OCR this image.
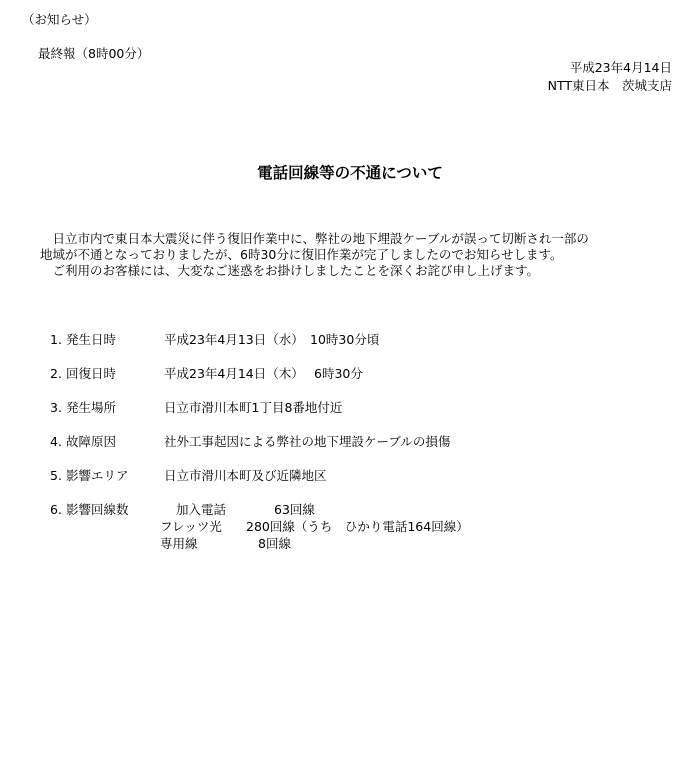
（お知らせ）
最終報（8時00分）
平成23年4月14日
NTT東日本　茨城支店
電話回線等の不通について
　日立市内で東日本大震災に伴う復旧作業中に、弊社の地下埋設ケーブルが誤って切断され一部の
地域が不通となっておりましたが、6時30分に復旧作業が完了しましたのでお知らせします。
　ご利用のお客様には、大変なご迷惑をお掛けしましたことを深くお詫び申し上げます。
1. 発生日時	平成23年4月13日（水）　10時30分頃
2. 回復日時	平成23年4月14日（木）　 6時30分
3. 発生場所	日立市滑川本町1丁目8番地付近
4. 故障原因	社外工事起因による弊社の地下埋設ケーブルの損傷
5. 影響エリア	日立市滑川本町及び近隣地区
6. 影響回線数	加入電話	63回線
フレッツ光 280回線（うち　ひかり電話164回線）
専用線	8回線
